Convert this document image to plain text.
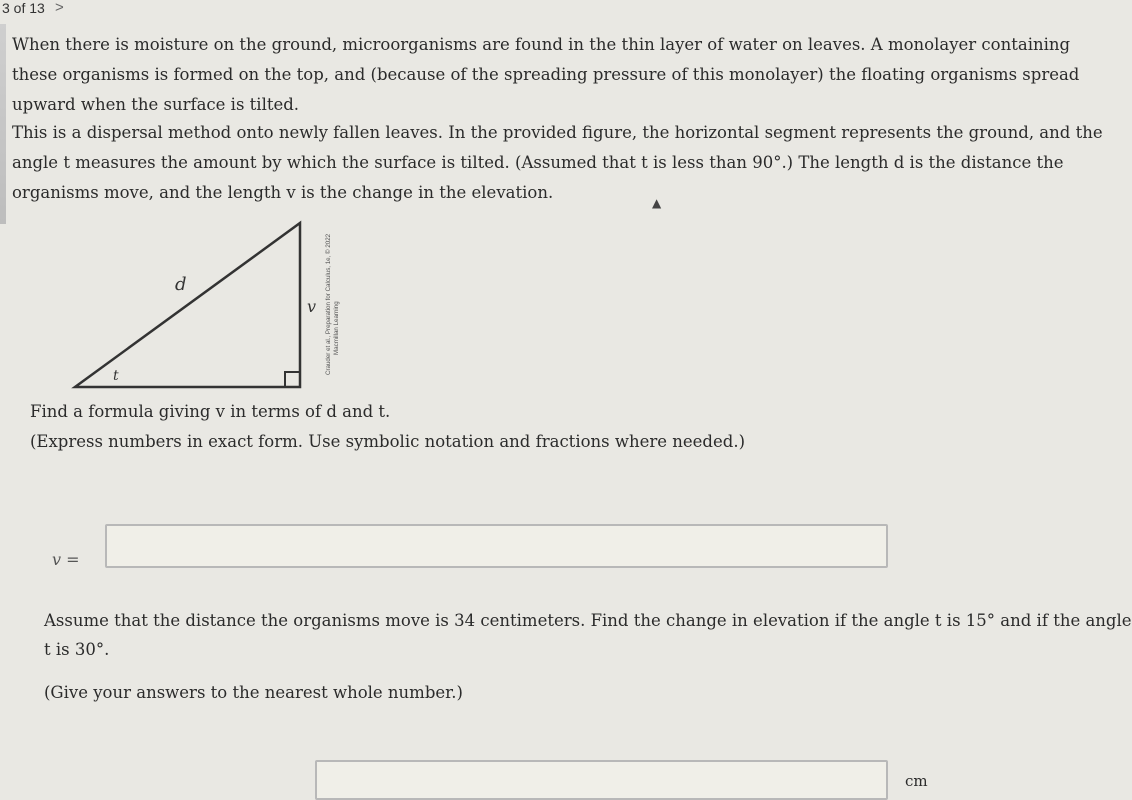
3 of 13 >
When there is moisture on the ground, microorganisms are found in the thin layer of water on leaves. A monolayer containing
these organisms is formed on the top, and (because of the spreading pressure of this monolayer) the floating organisms spread
upward when the surface is tilted.
This is a dispersal method onto newly fallen leaves. In the provided figure, the horizontal segment represents the ground, and the
angle t measures the amount by which the surface is tilted. (Assumed that t is less than 90°.) The length d is the distance the
organisms move, and the length v is the change in the elevation.
▲
d
v
t
Crauder et al., Preparation for Calculus, 1e, © 2022 Macmillan Learning
Find a formula giving v in terms of d and t.
(Express numbers in exact form. Use symbolic notation and fractions where needed.)
v =
Assume that the distance the organisms move is 34 centimeters. Find the change in elevation if the angle t is 15° and if the angle
t is 30°.
(Give your answers to the nearest whole number.)
cm
